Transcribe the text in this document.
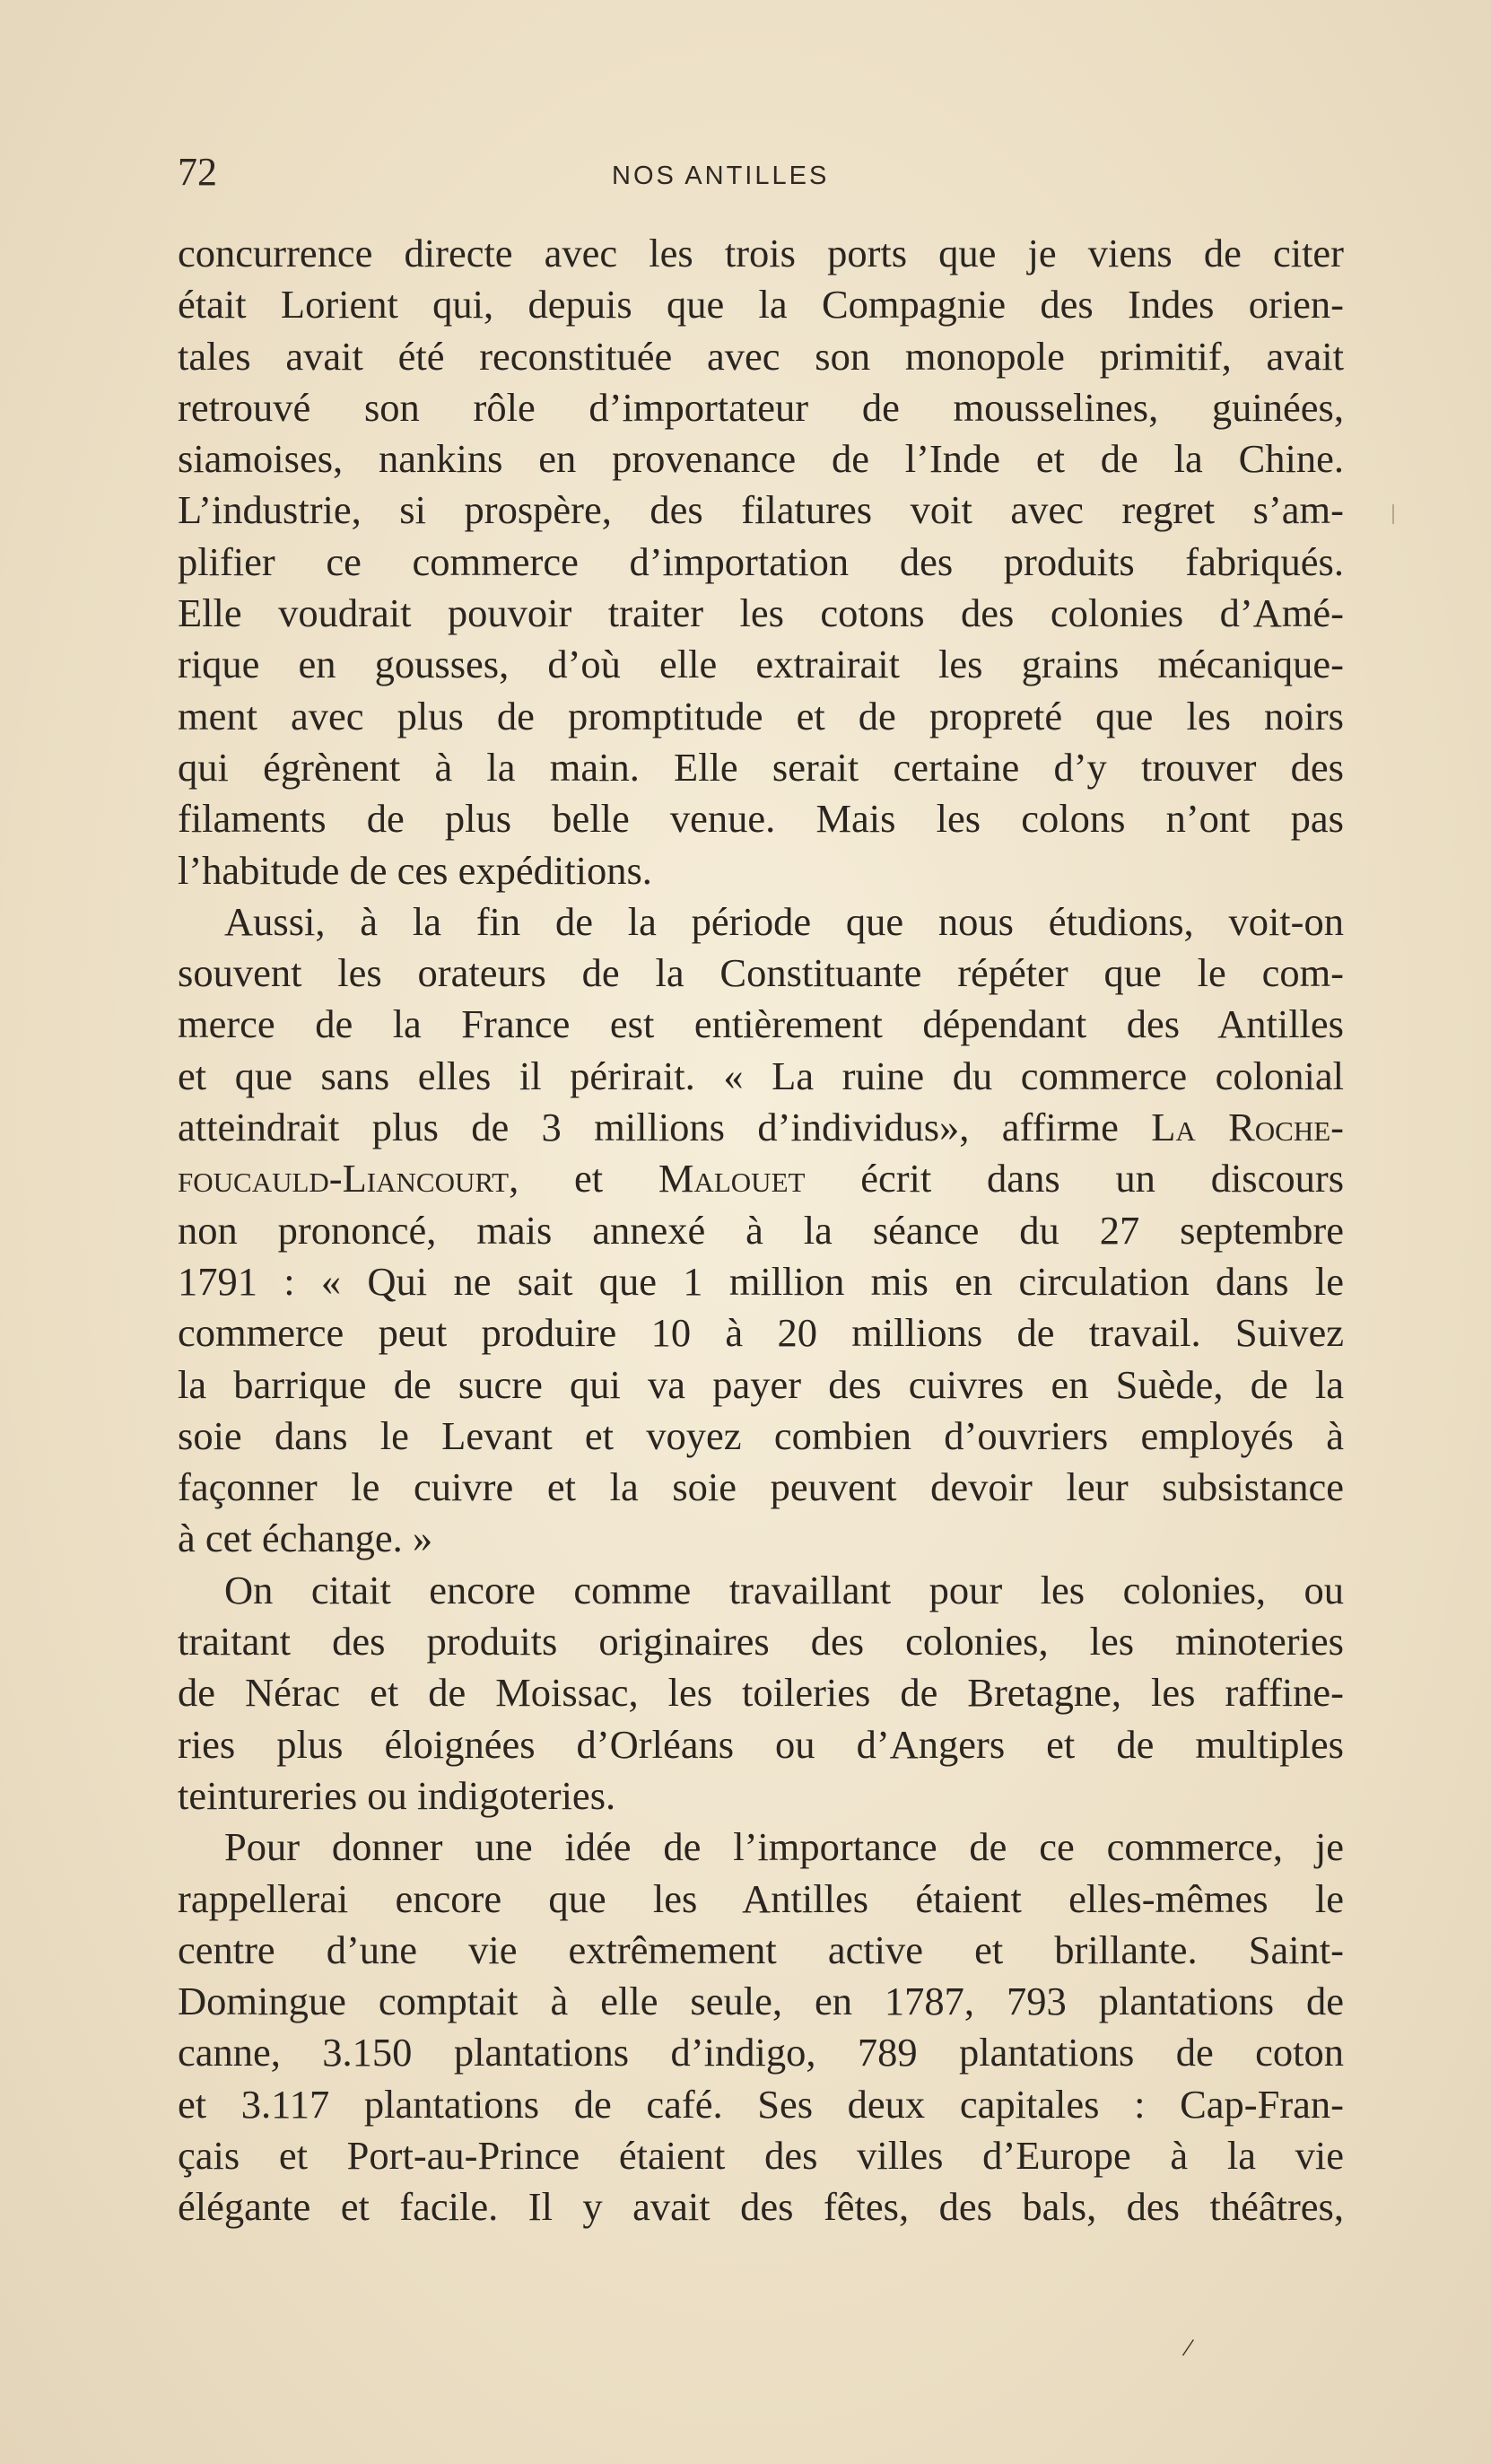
72	NOS ANTILLES
concurrence directe avec les trois ports que je viens de citer
était Lorient qui, depuis que la Compagnie des Indes orien-
tales avait été reconstituée avec son monopole primitif, avait
retrouvé son rôle d’importateur de mousselines, guinées,
siamoises, nankins en provenance de l’Inde et de la Chine.
L’industrie, si prospère, des filatures voit avec regret s’am-
plifier ce commerce d’importation des produits fabriqués.
Elle voudrait pouvoir traiter les cotons des colonies d’Amé-
rique en gousses, d’où elle extrairait les grains mécanique-
ment avec plus de promptitude et de propreté que les noirs
qui égrènent à la main. Elle serait certaine d’y trouver des
filaments de plus belle venue. Mais les colons n’ont pas
l’habitude de ces expéditions.
Aussi, à la fin de la période que nous étudions, voit-on
souvent les orateurs de la Constituante répéter que le com-
merce de la France est entièrement dépendant des Antilles
et que sans elles il périrait. « La ruine du commerce colonial
atteindrait plus de 3 millions d’individus», affirme La Roche-
foucauld-Liancourt, et Malouet écrit dans un discours
non prononcé, mais annexé à la séance du 27 septembre
1791 : « Qui ne sait que 1 million mis en circulation dans le
commerce peut produire 10 à 20 millions de travail. Suivez
la barrique de sucre qui va payer des cuivres en Suède, de la
soie dans le Levant et voyez combien d’ouvriers employés à
façonner le cuivre et la soie peuvent devoir leur subsistance
à cet échange. »
On citait encore comme travaillant pour les colonies, ou
traitant des produits originaires des colonies, les minoteries
de Nérac et de Moissac, les toileries de Bretagne, les raffine-
ries plus éloignées d’Orléans ou d’Angers et de multiples
teintureries ou indigoteries.
Pour donner une idée de l’importance de ce commerce, je
rappellerai encore que les Antilles étaient elles-mêmes le
centre d’une vie extrêmement active et brillante. Saint-
Domingue comptait à elle seule, en 1787, 793 plantations de
canne, 3.150 plantations d’indigo, 789 plantations de coton
et 3.117 plantations de café. Ses deux capitales : Cap-Fran-
çais et Port-au-Prince étaient des villes d’Europe à la vie
élégante et facile. Il y avait des fêtes, des bals, des théâtres,
/
